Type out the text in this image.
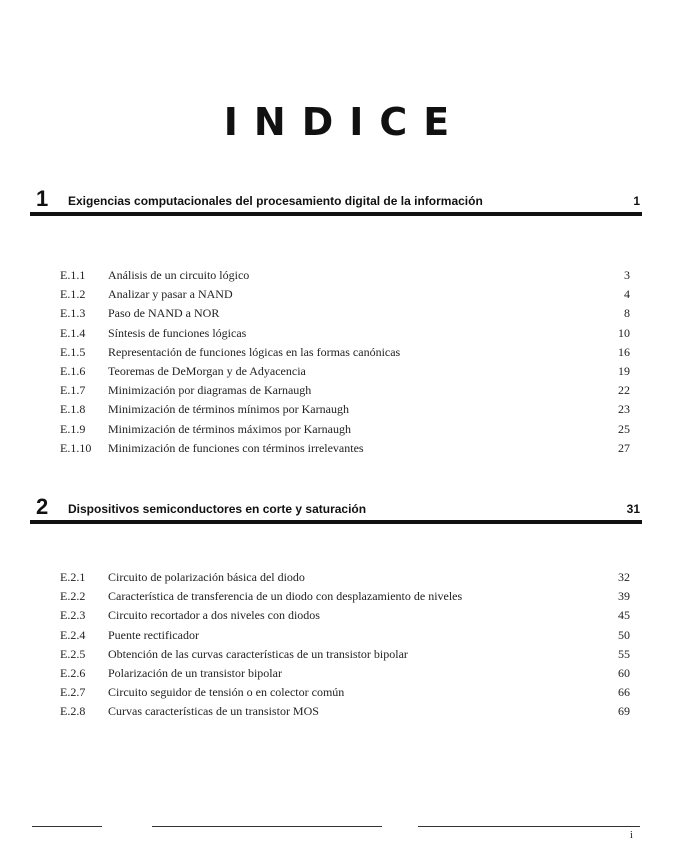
INDICE
1 Exigencias computacionales del procesamiento digital de la información	1
E.1.1 Análisis de un circuito lógico	3
E.1.2 Analizar y pasar a NAND	4
E.1.3 Paso de NAND a NOR	8
E.1.4 Síntesis de funciones lógicas	10
E.1.5 Representación de funciones lógicas en las formas canónicas	16
E.1.6 Teoremas de DeMorgan y de Adyacencia	19
E.1.7 Minimización por diagramas de Karnaugh	22
E.1.8 Minimización de términos mínimos por Karnaugh	23
E.1.9 Minimización de términos máximos por Karnaugh	25
E.1.10 Minimización de funciones con términos irrelevantes	27
2 Dispositivos semiconductores en corte y saturación	31
E.2.1 Circuito de polarización básica del diodo	32
E.2.2 Característica de transferencia de un diodo con desplazamiento de niveles	39
E.2.3 Circuito recortador a dos niveles con diodos	45
E.2.4 Puente rectificador	50
E.2.5 Obtención de las curvas características de un transistor bipolar	55
E.2.6 Polarización de un transistor bipolar	60
E.2.7 Circuito seguidor de tensión o en colector común	66
E.2.8 Curvas características de un transistor MOS	69
i
